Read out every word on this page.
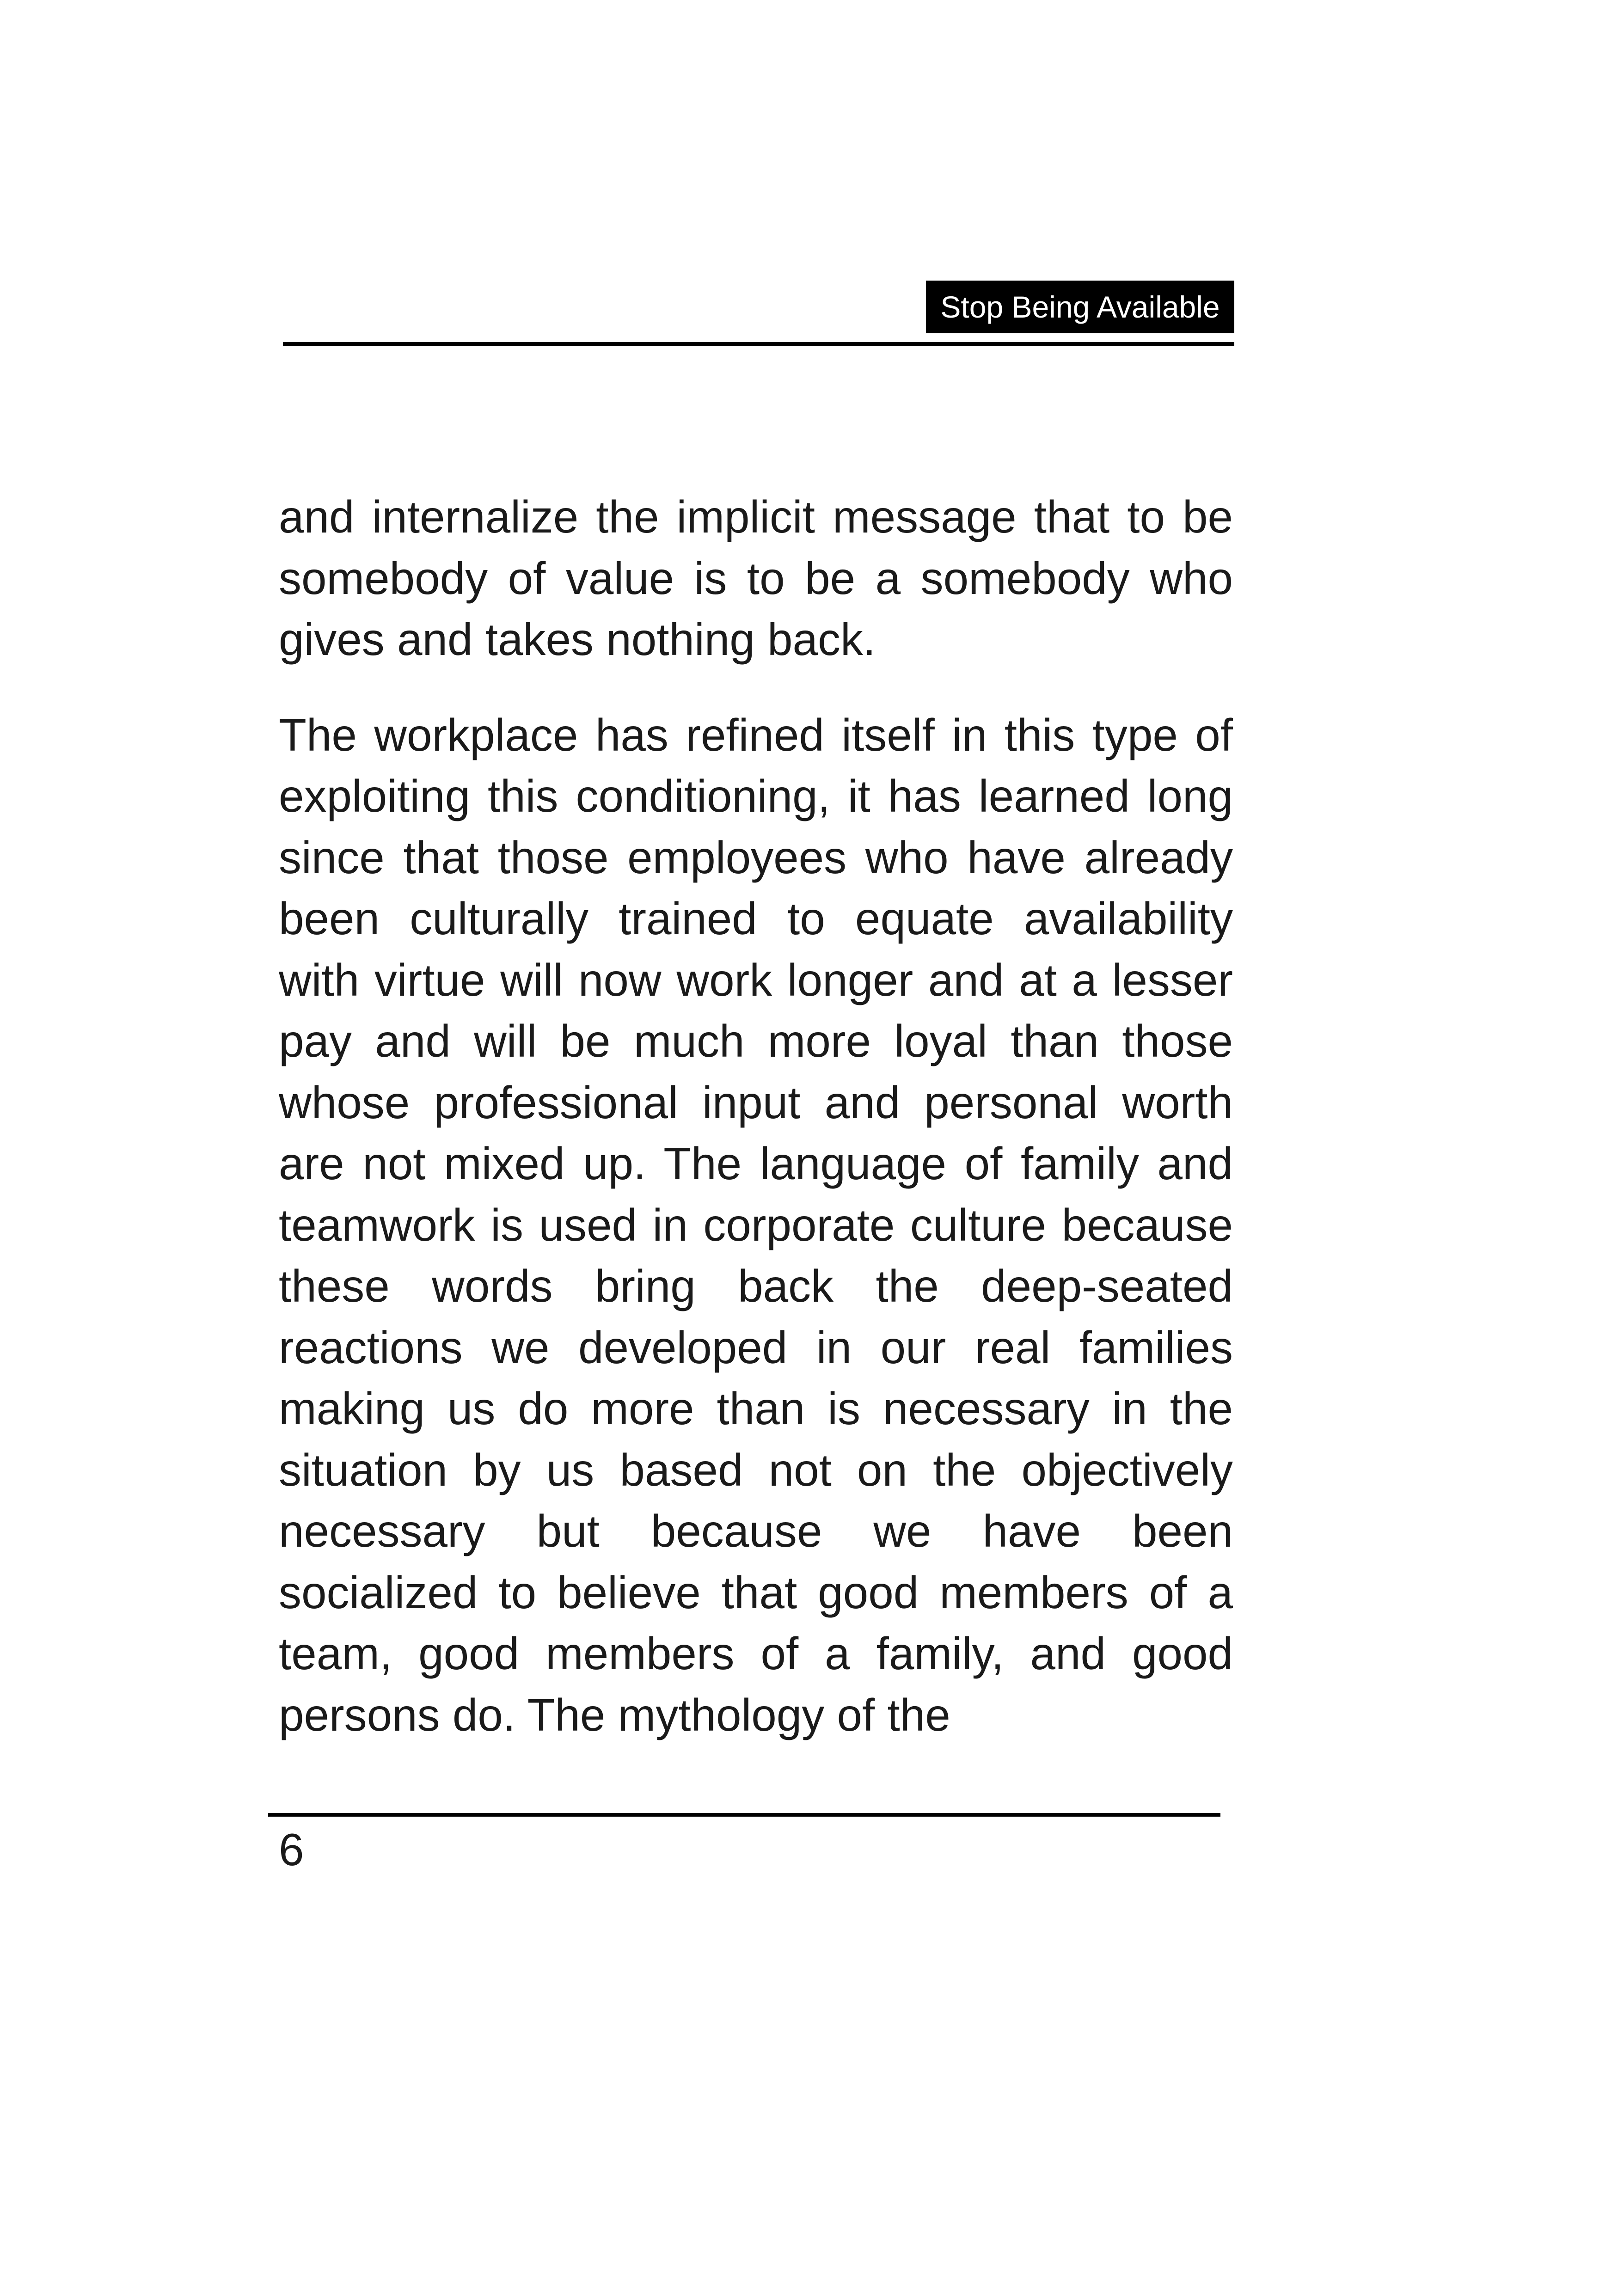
Stop Being Available

and internalize the implicit message that to be somebody of value is to be a somebody who gives and takes nothing back.

The workplace has refined itself in this type of exploiting this conditioning, it has learned long since that those employees who have already been culturally trained to equate availability with virtue will now work longer and at a lesser pay and will be much more loyal than those whose professional input and personal worth are not mixed up. The language of family and teamwork is used in corporate culture because these words bring back the deep-seated reactions we developed in our real families making us do more than is necessary in the situation by us based not on the objectively necessary but because we have been socialized to believe that good members of a team, good members of a family, and good persons do. The mythology of the

6
